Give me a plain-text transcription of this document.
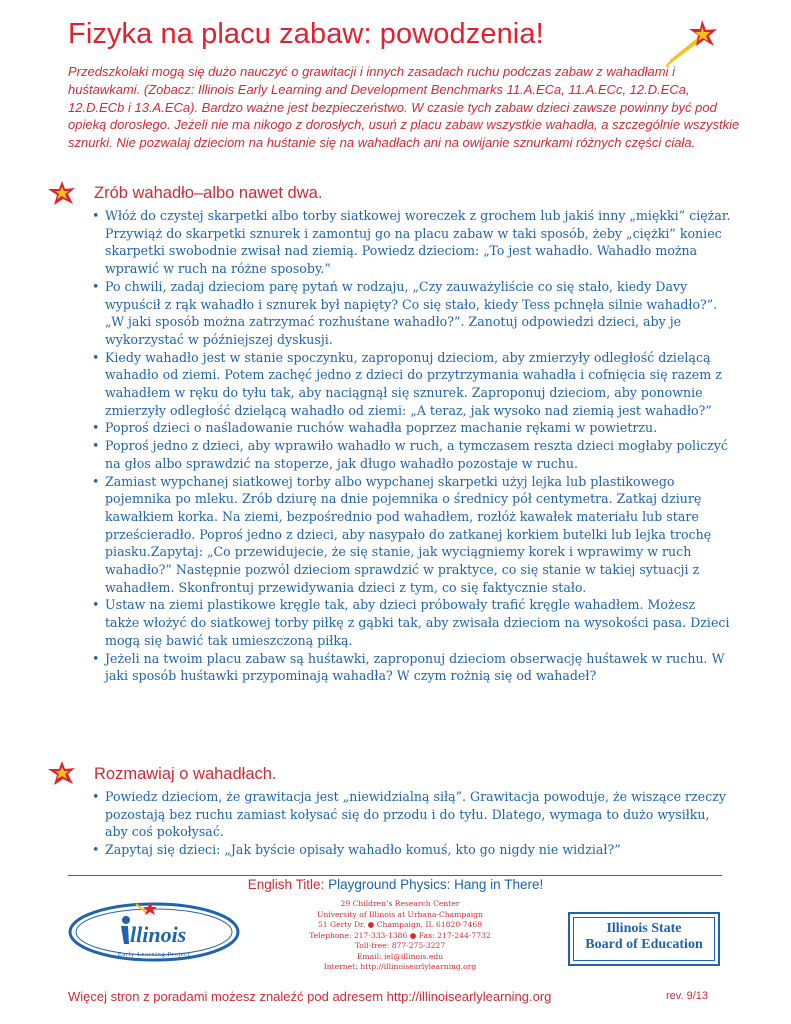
Fizyka na placu zabaw: powodzenia!
Przedszkolaki mogą się dużo nauczyć o grawitacji i innych zasadach ruchu podczas zabaw z wahadłami i huśtawkami. (Zobacz: Illinois Early Learning and Development Benchmarks 11.A.ECa, 11.A.ECc, 12.D.ECa, 12.D.ECb i 13.A.ECa). Bardzo ważne jest bezpieczeństwo. W czasie tych zabaw dzieci zawsze powinny być pod opieką dorosłego. Jeżeli nie ma nikogo z dorosłych, usuń z placu zabaw wszystkie wahadła, a szczególnie wszystkie sznurki. Nie pozwalaj dzieciom na huśtanie się na wahadłach ani na owijanie sznurkami różnych części ciała.
Zrób wahadło–albo nawet dwa.
• Włóż do czystej skarpetki albo torby siatkowej woreczek z grochem lub jakiś inny „miękki” ciężar. Przywiąż do skarpetki sznurek i zamontuj go na placu zabaw w taki sposób, żeby „ciężki” koniec skarpetki swobodnie zwisał nad ziemią. Powiedz dzieciom: „To jest wahadło. Wahadło można wprawić w ruch na różne sposoby.”
• Po chwili, zadaj dzieciom parę pytań w rodzaju, „Czy zauważyliście co się stało, kiedy Davy wypuścił z rąk wahadło i sznurek był napięty? Co się stało, kiedy Tess pchnęła silnie wahadło?”. „W jaki sposób można zatrzymać rozhuśtane wahadło?”. Zanotuj odpowiedzi dzieci, aby je wykorzystać w późniejszej dyskusji.
• Kiedy wahadło jest w stanie spoczynku, zaproponuj dzieciom, aby zmierzyły odległość dzielącą wahadło od ziemi. Potem zachęć jedno z dzieci do przytrzymania wahadła i cofnięcia się razem z wahadłem w ręku do tyłu tak, aby naciągnął się sznurek. Zaproponuj dzieciom, aby ponownie zmierzyły odległość dzielącą wahadło od ziemi: „A teraz, jak wysoko nad ziemią jest wahadło?”
• Poproś dzieci o naśladowanie ruchów wahadła poprzez machanie rękami w powietrzu.
• Poproś jedno z dzieci, aby wprawiło wahadło w ruch, a tymczasem reszta dzieci mogłaby policzyć na głos albo sprawdzić na stoperze, jak długo wahadło pozostaje w ruchu.
• Zamiast wypchanej siatkowej torby albo wypchanej skarpetki użyj lejka lub plastikowego pojemnika po mleku. Zrób dziurę na dnie pojemnika o średnicy pół centymetra. Zatkaj dziurę kawałkiem korka. Na ziemi, bezpośrednio pod wahadłem, rozłóż kawałek materiału lub stare prześcieradło. Poproś jedno z dzieci, aby nasypało do zatkanej korkiem butelki lub lejka trochę piasku.Zapytaj: „Co przewidujecie, że się stanie, jak wyciągniemy korek i wprawimy w ruch wahadło?” Następnie pozwól dzieciom sprawdzić w praktyce, co się stanie w takiej sytuacji z wahadłem. Skonfrontuj przewidywania dzieci z tym, co się faktycznie stało.
• Ustaw na ziemi plastikowe kręgle tak, aby dzieci próbowały trafić kręgle wahadłem. Możesz także włożyć do siatkowej torby piłkę z gąbki tak, aby zwisała dzieciom na wysokości pasa. Dzieci mogą się bawić tak umieszczoną piłką.
• Jeżeli na twoim placu zabaw są huśtawki, zaproponuj dzieciom obserwację huśtawek w ruchu. W jaki sposób huśtawki przypominają wahadła? W czym rożnią się od wahadeł?
Rozmawiaj o wahadłach.
• Powiedz dzieciom, że grawitacja jest „niewidzialną siłą”. Grawitacja powoduje, że wiszące rzeczy pozostają bez ruchu zamiast kołysać się do przodu i do tyłu. Dlatego, wymaga to dużo wysiłku, aby coś pokołysać.
• Zapytaj się dzieci: „Jak byście opisały wahadło komuś, kto go nigdy nie widział?”
English Title: Playground Physics: Hang in There!
llinois
Early Learning Project
29 Children’s Research Center
University of Illinois at Urbana-Champaign
51 Gerty Dr. ● Champaign, IL 61820-7469
Telephone: 217-333-1386 ● Fax: 217-244-7732
Toll-free: 877-275-3227
Email: iel@illinois.edu
Internet: http://illinoisearlylearning.org
Illinois State
Board of Education
Więcej stron z poradami możesz znaleźć pod adresem http://illinoisearlylearning.org	rev. 9/13
